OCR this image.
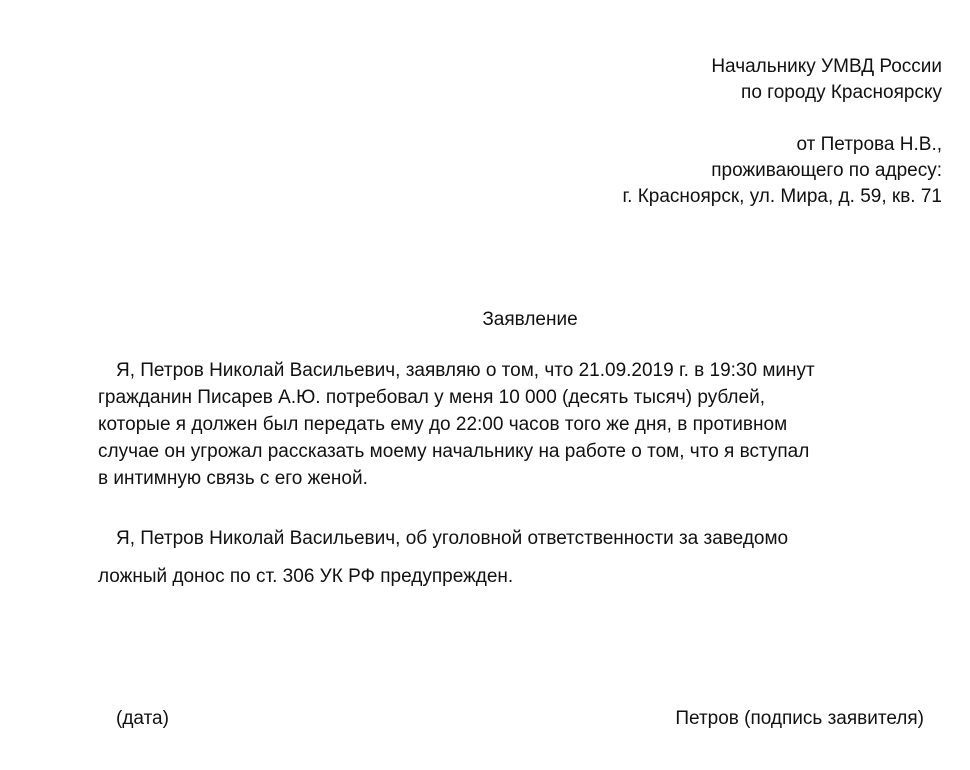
Начальнику УМВД России
по городу Красноярску
от Петрова Н.В.,
проживающего по адресу:
г. Красноярск, ул. Мира, д. 59, кв. 71
Заявление
Я, Петров Николай Васильевич, заявляю о том, что 21.09.2019 г. в 19:30 минут
гражданин Писарев А.Ю. потребовал у меня 10 000 (десять тысяч) рублей,
которые я должен был передать ему до 22:00 часов того же дня, в противном
случае он угрожал рассказать моему начальнику на работе о том, что я вступал
в интимную связь с его женой.
Я, Петров Николай Васильевич, об уголовной ответственности за заведомо
ложный донос по ст. 306 УК РФ предупрежден.
(дата)	Петров (подпись заявителя)
